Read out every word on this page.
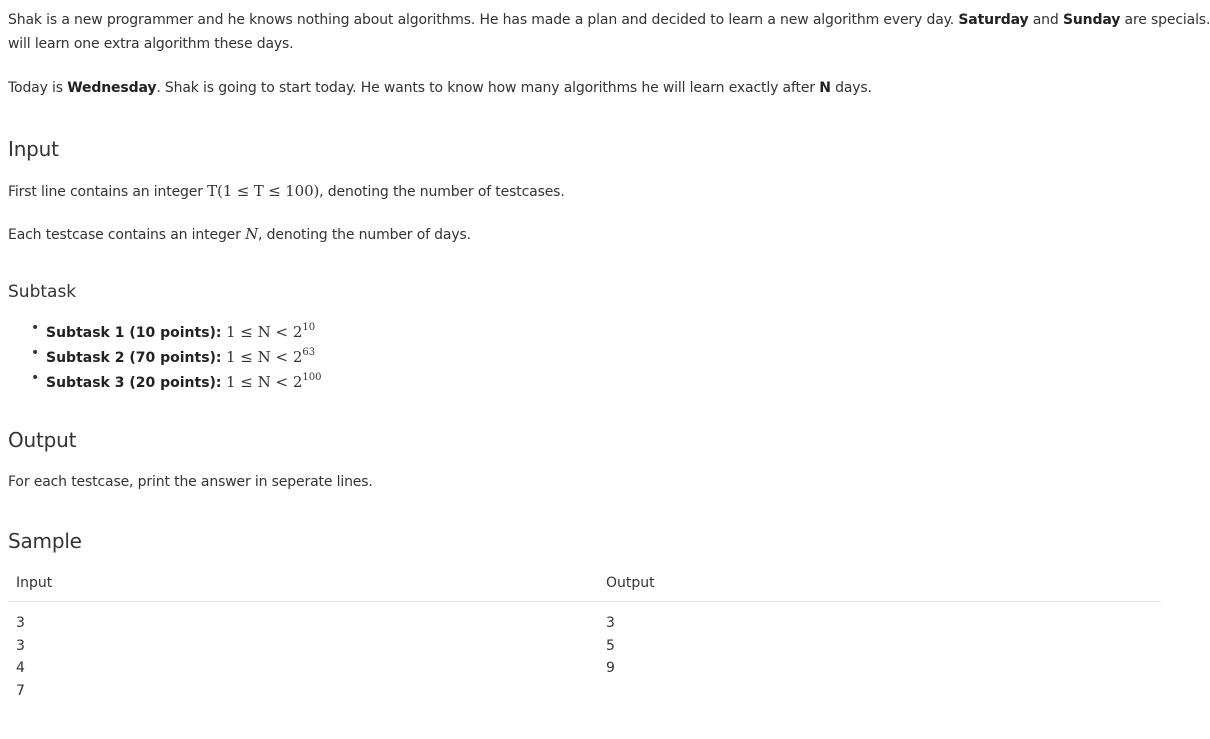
Shak is a new programmer and he knows nothing about algorithms. He has made a plan and decided to learn a new algorithm every day. Saturday and Sunday are specials.
will learn one extra algorithm these days.

Today is Wednesday. Shak is going to start today. He wants to know how many algorithms he will learn exactly after N days.

Input

First line contains an integer T(1 ≤ T ≤ 100), denoting the number of testcases.

Each testcase contains an integer N, denoting the number of days.

Subtask
• Subtask 1 (10 points): $1 \le N < 2^{10}$
• Subtask 2 (70 points): $1 \le N < 2^{63}$
• Subtask 3 (20 points): $1 \le N < 2^{100}$
Output

For each testcase, print the answer in seperate lines.

Sample
Input	Output
3
3
4
7
3
5
9
